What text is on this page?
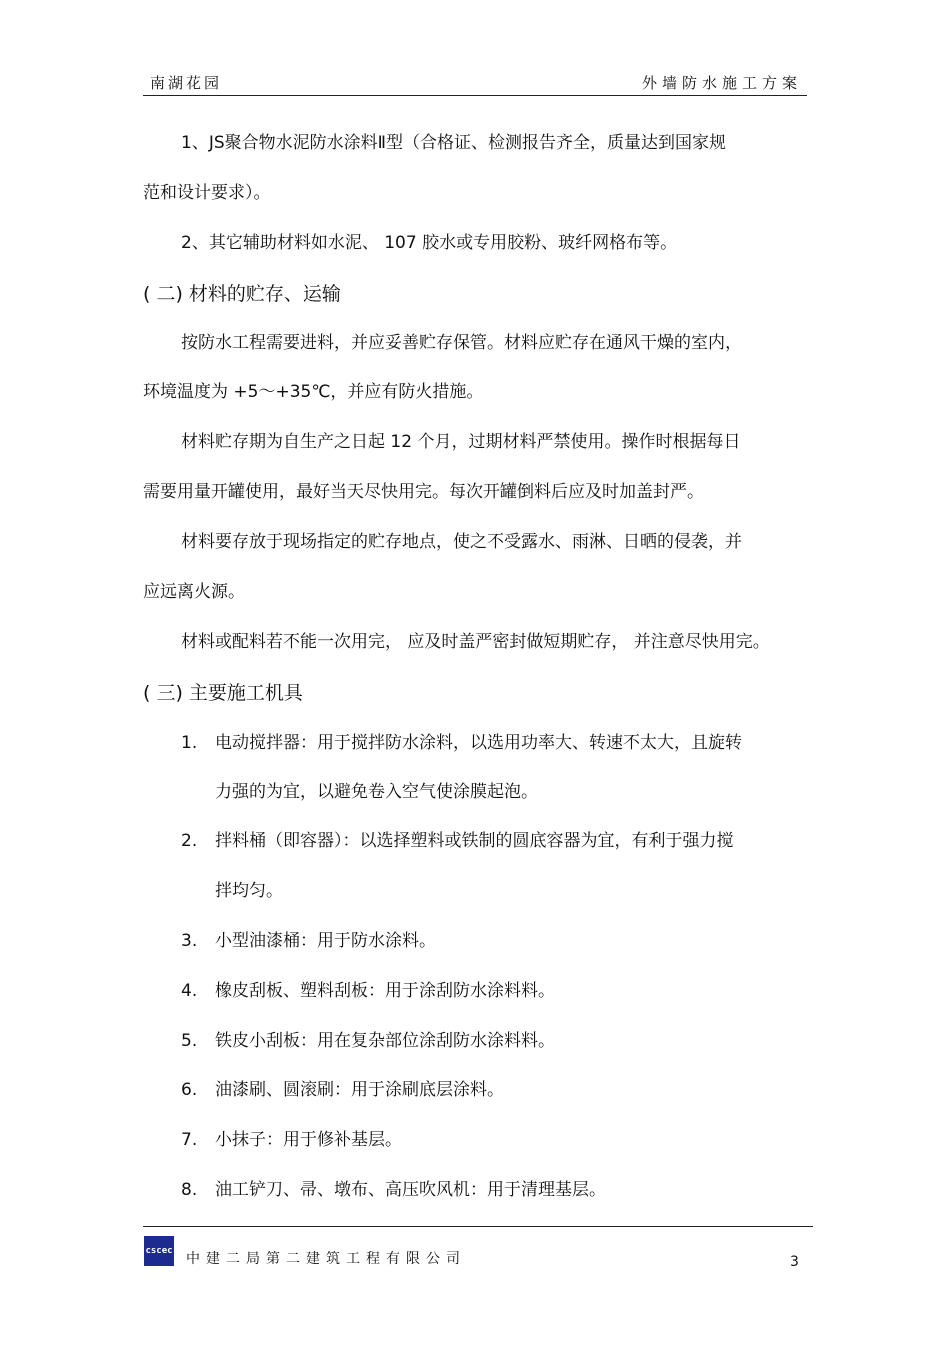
南湖花园	外墙防水施工方案
1、JS聚合物水泥防水涂料Ⅱ型（合格证、检测报告齐全，质量达到国家规
范和设计要求）。
2、其它辅助材料如水泥、 107 胶水或专用胶粉、玻纤网格布等。
( 二) 材料的贮存、运输
按防水工程需要进料，并应妥善贮存保管。材料应贮存在通风干燥的室内，
环境温度为 +5～+35℃，并应有防火措施。
材料贮存期为自生产之日起 12 个月，过期材料严禁使用。操作时根据每日
需要用量开罐使用，最好当天尽快用完。每次开罐倒料后应及时加盖封严。
材料要存放于现场指定的贮存地点，使之不受露水、雨淋、日晒的侵袭，并
应远离火源。
材料或配料若不能一次用完， 应及时盖严密封做短期贮存， 并注意尽快用完。
( 三) 主要施工机具
1. 电动搅拌器：用于搅拌防水涂料，以选用功率大、转速不太大，且旋转
力强的为宜，以避免卷入空气使涂膜起泡。
2. 拌料桶（即容器）：以选择塑料或铁制的圆底容器为宜，有利于强力搅
拌均匀。
3. 小型油漆桶：用于防水涂料。
4. 橡皮刮板、塑料刮板：用于涂刮防水涂料料。
5. 铁皮小刮板：用在复杂部位涂刮防水涂料料。
6. 油漆刷、圆滚刷：用于涂刷底层涂料。
7. 小抹子：用于修补基层。
8. 油工铲刀、帚、墩布、高压吹风机：用于清理基层。
cscec 中建二局第二建筑工程有限公司	3
